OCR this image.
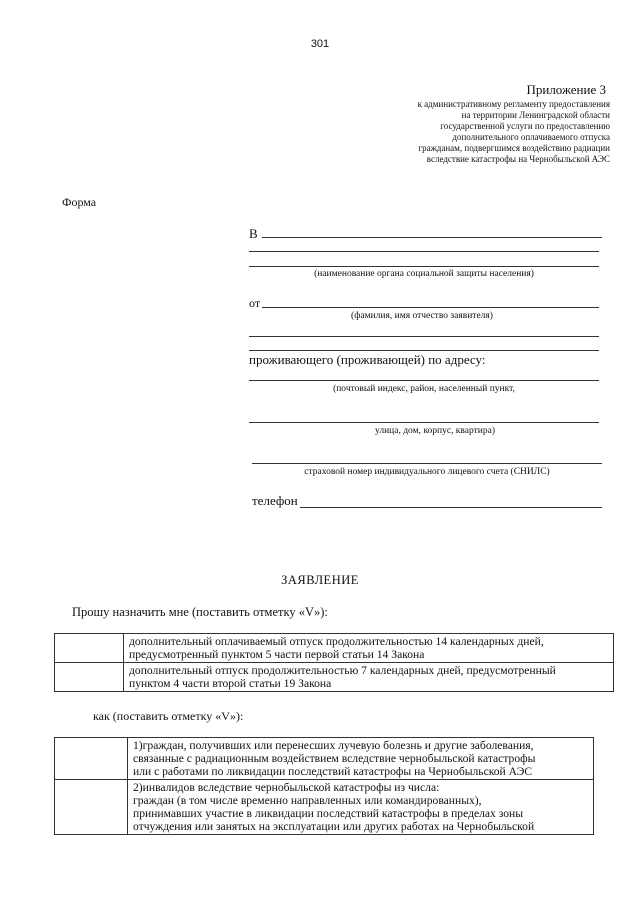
301
Приложение 3
к административному регламенту предоставления
на территории Ленинградской области
государственной услуги по предоставлению
дополнительного оплачиваемого отпуска
гражданам, подвергшимся воздействию радиации
вследствие катастрофы на Чернобыльской АЭС
Форма
В
(наименование органа социальной защиты населения)
от
(фамилия, имя отчество заявителя)
проживающего (проживающей) по адресу:
(почтовый индекс, район, населенный пункт,
улица, дом, корпус, квартира)
страховой номер индивидуального лицевого счета (СНИЛС)
телефон
ЗАЯВЛЕНИЕ
Прошу назначить мне (поставить отметку «V»):

	дополнительный оплачиваемый отпуск продолжительностью 14 календарных дней,
предусмотренный пунктом 5 части первой статьи 14 Закона

	дополнительный отпуск продолжительностью 7 календарных дней, предусмотренный
пунктом 4 части второй статьи 19 Закона
как (поставить отметку «V»):

	1)граждан, получивших или перенесших лучевую болезнь и другие заболевания,
связанные с радиационным воздействием вследствие чернобыльской катастрофы
или с работами по ликвидации последствий катастрофы на Чернобыльской АЭС

	2)инвалидов вследствие чернобыльской катастрофы из числа:
граждан (в том числе временно направленных или командированных),
принимавших участие в ликвидации последствий катастрофы в пределах зоны
отчуждения или занятых на эксплуатации или других работах на Чернобыльской
